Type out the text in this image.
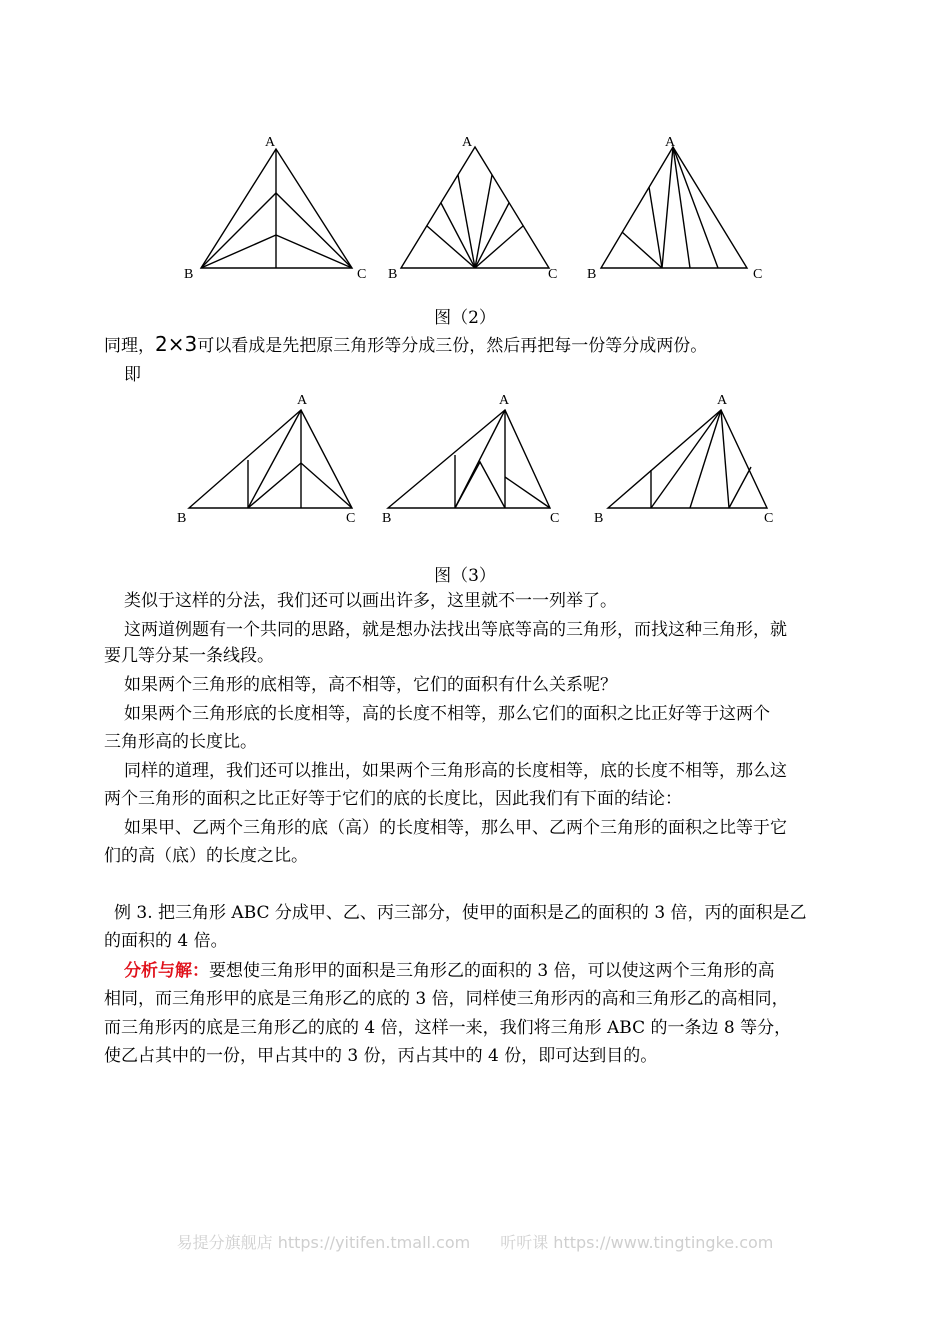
A
B	C
A
B	C
A
B	C
图（2）
同理，2×3可以看成是先把原三角形等分成三份，然后再把每一份等分成两份。
即
A
B	C
A
B	C
A
B	C
图（3）
类似于这样的分法，我们还可以画出许多，这里就不一一列举了。
这两道例题有一个共同的思路，就是想办法找出等底等高的三角形，而找这种三角形，就
要几等分某一条线段。
如果两个三角形的底相等，高不相等，它们的面积有什么关系呢？
如果两个三角形底的长度相等，高的长度不相等，那么它们的面积之比正好等于这两个
三角形高的长度比。
同样的道理，我们还可以推出，如果两个三角形高的长度相等，底的长度不相等，那么这
两个三角形的面积之比正好等于它们的底的长度比，因此我们有下面的结论：
如果甲、乙两个三角形的底（高）的长度相等，那么甲、乙两个三角形的面积之比等于它
们的高（底）的长度之比。
例 3. 把三角形 ABC 分成甲、乙、丙三部分，使甲的面积是乙的面积的 3 倍，丙的面积是乙
的面积的 4 倍。
分析与解：要想使三角形甲的面积是三角形乙的面积的 3 倍，可以使这两个三角形的高
相同，而三角形甲的底是三角形乙的底的 3 倍，同样使三角形丙的高和三角形乙的高相同，
而三角形丙的底是三角形乙的底的 4 倍，这样一来，我们将三角形 ABC 的一条边 8 等分，
使乙占其中的一份，甲占其中的 3 份，丙占其中的 4 份，即可达到目的。
易提分旗舰店 https://yitifen.tmall.com 听听课 https://www.tingtingke.com
